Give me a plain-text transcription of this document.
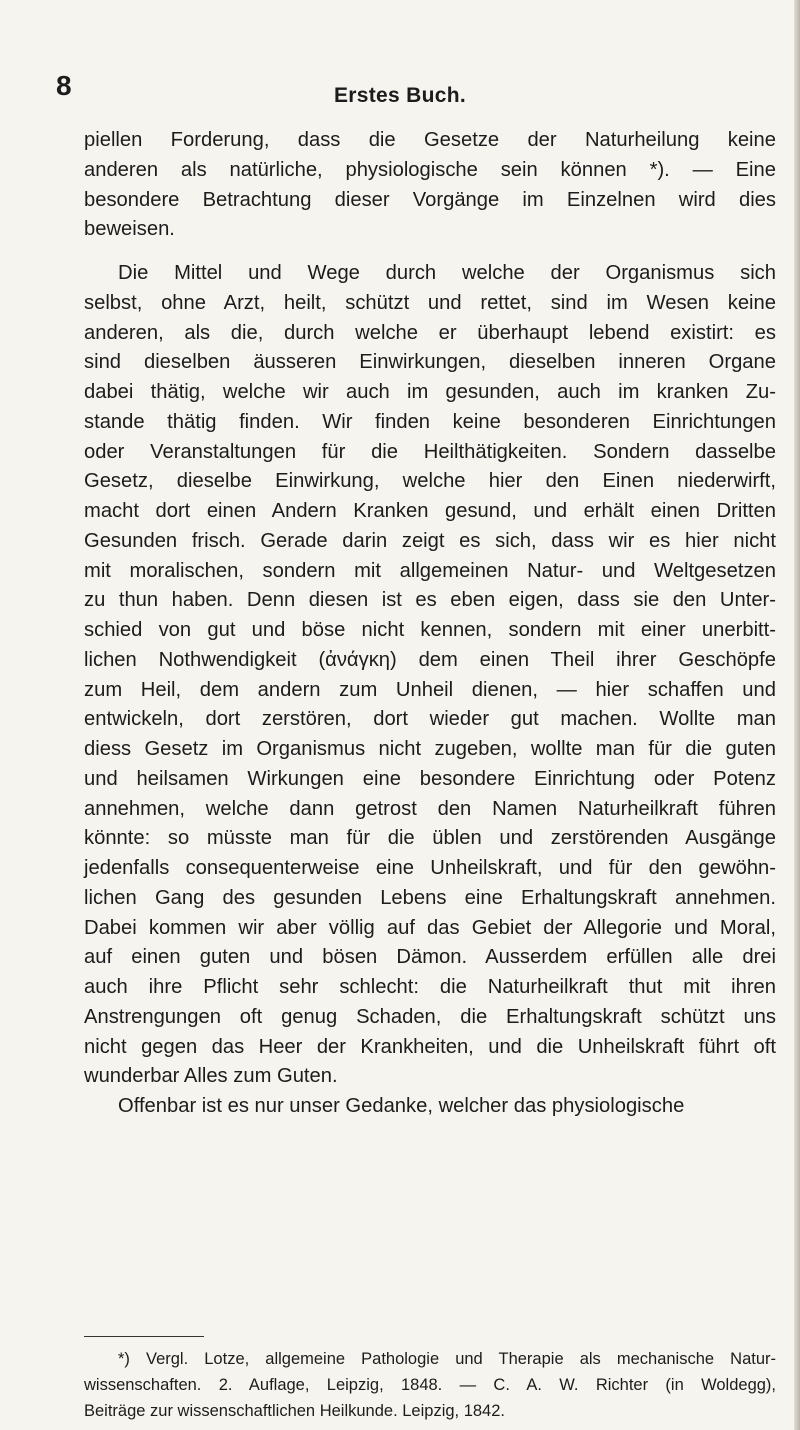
8	Erstes Buch.
piellen Forderung, dass die Gesetze der Naturheilung keine
anderen als natürliche, physiologische sein können *). — Eine
besondere Betrachtung dieser Vorgänge im Einzelnen wird dies
beweisen.
Die Mittel und Wege durch welche der Organismus sich
selbst, ohne Arzt, heilt, schützt und rettet, sind im Wesen keine
anderen, als die, durch welche er überhaupt lebend existirt: es
sind dieselben äusseren Einwirkungen, dieselben inneren Organe
dabei thätig, welche wir auch im gesunden, auch im kranken Zu-
stande thätig finden. Wir finden keine besonderen Einrichtungen
oder Veranstaltungen für die Heilthätigkeiten. Sondern dasselbe
Gesetz, dieselbe Einwirkung, welche hier den Einen niederwirft,
macht dort einen Andern Kranken gesund, und erhält einen Dritten
Gesunden frisch. Gerade darin zeigt es sich, dass wir es hier nicht
mit moralischen, sondern mit allgemeinen Natur- und Weltgesetzen
zu thun haben. Denn diesen ist es eben eigen, dass sie den Unter-
schied von gut und böse nicht kennen, sondern mit einer unerbitt-
lichen Nothwendigkeit (ἀνάγκη) dem einen Theil ihrer Geschöpfe
zum Heil, dem andern zum Unheil dienen, — hier schaffen und
entwickeln, dort zerstören, dort wieder gut machen. Wollte man
diess Gesetz im Organismus nicht zugeben, wollte man für die guten
und heilsamen Wirkungen eine besondere Einrichtung oder Potenz
annehmen, welche dann getrost den Namen Naturheilkraft führen
könnte: so müsste man für die üblen und zerstörenden Ausgänge
jedenfalls consequenterweise eine Unheilskraft, und für den gewöhn-
lichen Gang des gesunden Lebens eine Erhaltungskraft annehmen.
Dabei kommen wir aber völlig auf das Gebiet der Allegorie und Moral,
auf einen guten und bösen Dämon. Ausserdem erfüllen alle drei
auch ihre Pflicht sehr schlecht: die Naturheilkraft thut mit ihren
Anstrengungen oft genug Schaden, die Erhaltungskraft schützt uns
nicht gegen das Heer der Krankheiten, und die Unheilskraft führt oft
wunderbar Alles zum Guten.
Offenbar ist es nur unser Gedanke, welcher das physiologische
*) Vergl. Lotze, allgemeine Pathologie und Therapie als mechanische Natur-
wissenschaften. 2. Auflage, Leipzig, 1848. — C. A. W. Richter (in Woldegg),
Beiträge zur wissenschaftlichen Heilkunde. Leipzig, 1842.
